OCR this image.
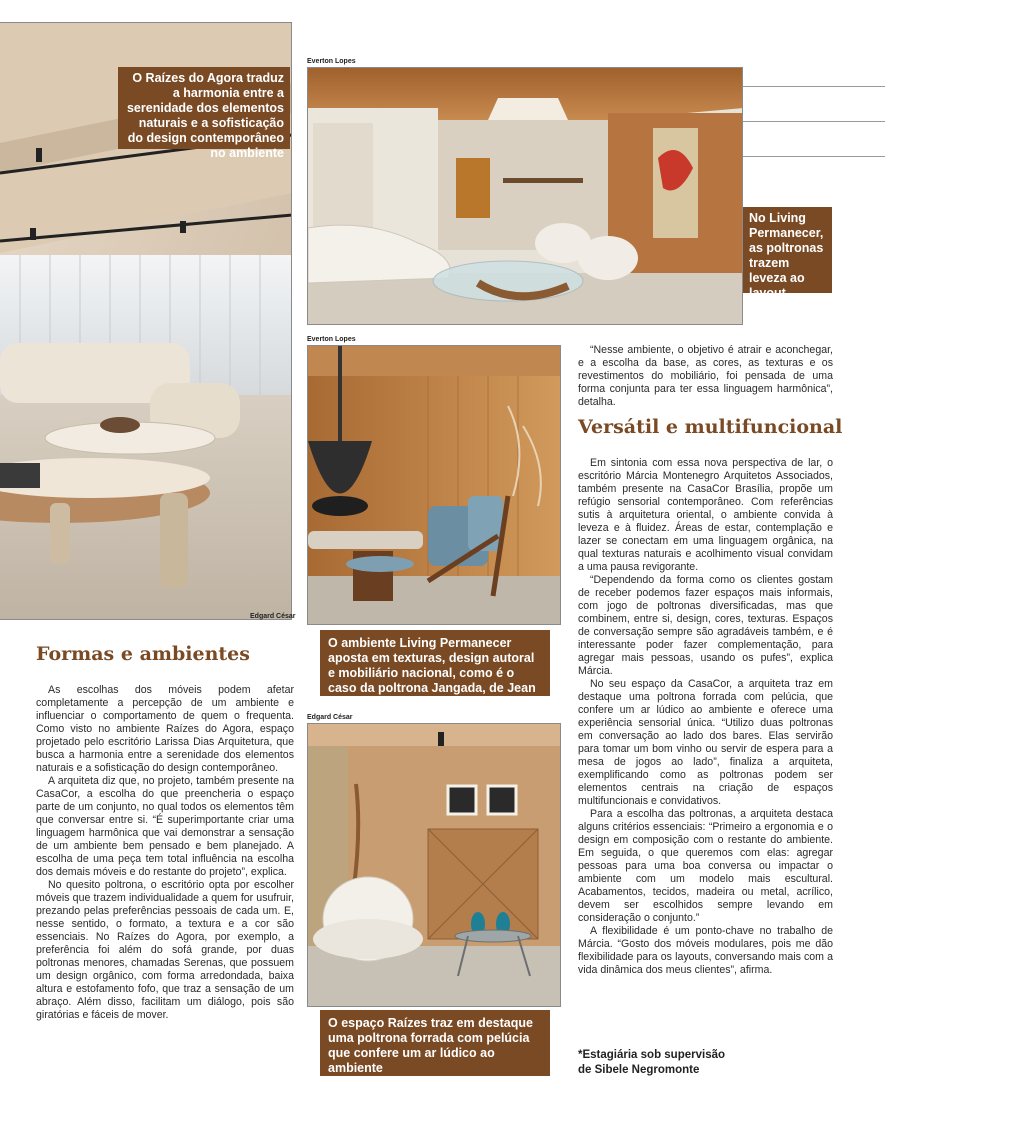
Edgard César

O Raízes do Agora traduz a harmonia entre a serenidade dos elementos naturais e a sofisticação do design contemporâneo no ambiente

Everton Lopes

No Living Permanecer, as poltronas trazem leveza ao layout,

Everton Lopes

O ambiente Living Permanecer aposta em texturas, design autoral e mobiliário nacional, como é o caso da poltrona Jangada, de Jean Gillon

Edgard César

O espaço Raízes traz em destaque uma poltrona forrada com pelúcia que confere um ar lúdico ao ambiente

Formas e ambientes

As escolhas dos móveis podem afetar completamente a percepção de um ambiente e influenciar o comportamento de quem o frequenta. Como visto no ambiente Raízes do Agora, espaço projetado pelo escritório Larissa Dias Arquitetura, que busca a harmonia entre a serenidade dos elementos naturais e a sofisticação do design contemporâneo.

A arquiteta diz que, no projeto, também presente na CasaCor, a escolha do que preencheria o espaço parte de um conjunto, no qual todos os elementos têm que conversar entre si. “É superimportante criar uma linguagem harmônica que vai demonstrar a sensação de um ambiente bem pensado e bem planejado. A escolha de uma peça tem total influência na escolha dos demais móveis e do restante do projeto”, explica.

No quesito poltrona, o escritório opta por escolher móveis que trazem individualidade a quem for usufruir, prezando pelas preferências pessoais de cada um. E, nesse sentido, o formato, a textura e a cor são essenciais. No Raízes do Agora, por exemplo, a preferência foi além do sofá grande, por duas poltronas menores, chamadas Serenas, que possuem um design orgânico, com forma arredondada, baixa altura e estofamento fofo, que traz a sensação de um abraço. Além disso, facilitam um diálogo, pois são giratórias e fáceis de mover.

“Nesse ambiente, o objetivo é atrair e aconchegar, e a escolha da base, as cores, as texturas e os revestimentos do mobiliário, foi pensada de uma forma conjunta para ter essa linguagem harmônica”, detalha.

Versátil e multifuncional

Em sintonia com essa nova perspectiva de lar, o escritório Márcia Montenegro Arquitetos Associados, também presente na CasaCor Brasília, propõe um refúgio sensorial contemporâneo. Com referências sutis à arquitetura oriental, o ambiente convida à leveza e à fluidez. Áreas de estar, contemplação e lazer se conectam em uma linguagem orgânica, na qual texturas naturais e acolhimento visual convidam a uma pausa revigorante.

“Dependendo da forma como os clientes gostam de receber podemos fazer espaços mais informais, com jogo de poltronas diversificadas, mas que combinem, entre si, design, cores, texturas. Espaços de conversação sempre são agradáveis também, e é interessante poder fazer complementação, para agregar mais pessoas, usando os pufes”, explica Márcia.

No seu espaço da CasaCor, a arquiteta traz em destaque uma poltrona forrada com pelúcia, que confere um ar lúdico ao ambiente e oferece uma experiência sensorial única. “Utilizo duas poltronas em conversação ao lado dos bares. Elas servirão para tomar um bom vinho ou servir de espera para a mesa de jogos ao lado”, finaliza a arquiteta, exemplificando como as poltronas podem ser elementos centrais na criação de espaços multifuncionais e convidativos.

Para a escolha das poltronas, a arquiteta destaca alguns critérios essenciais: “Primeiro a ergonomia e o design em composição com o restante do ambiente. Em seguida, o que queremos com elas: agregar pessoas para uma boa conversa ou impactar o ambiente com um modelo mais escultural. Acabamentos, tecidos, madeira ou metal, acrílico, devem ser escolhidos sempre levando em consideração o conjunto.”

A flexibilidade é um ponto-chave no trabalho de Márcia. “Gosto dos móveis modulares, pois me dão flexibilidade para os layouts, conversando mais com a vida dinâmica dos meus clientes”, afirma.

*Estagiária sob supervisão
de Sibele Negromonte
